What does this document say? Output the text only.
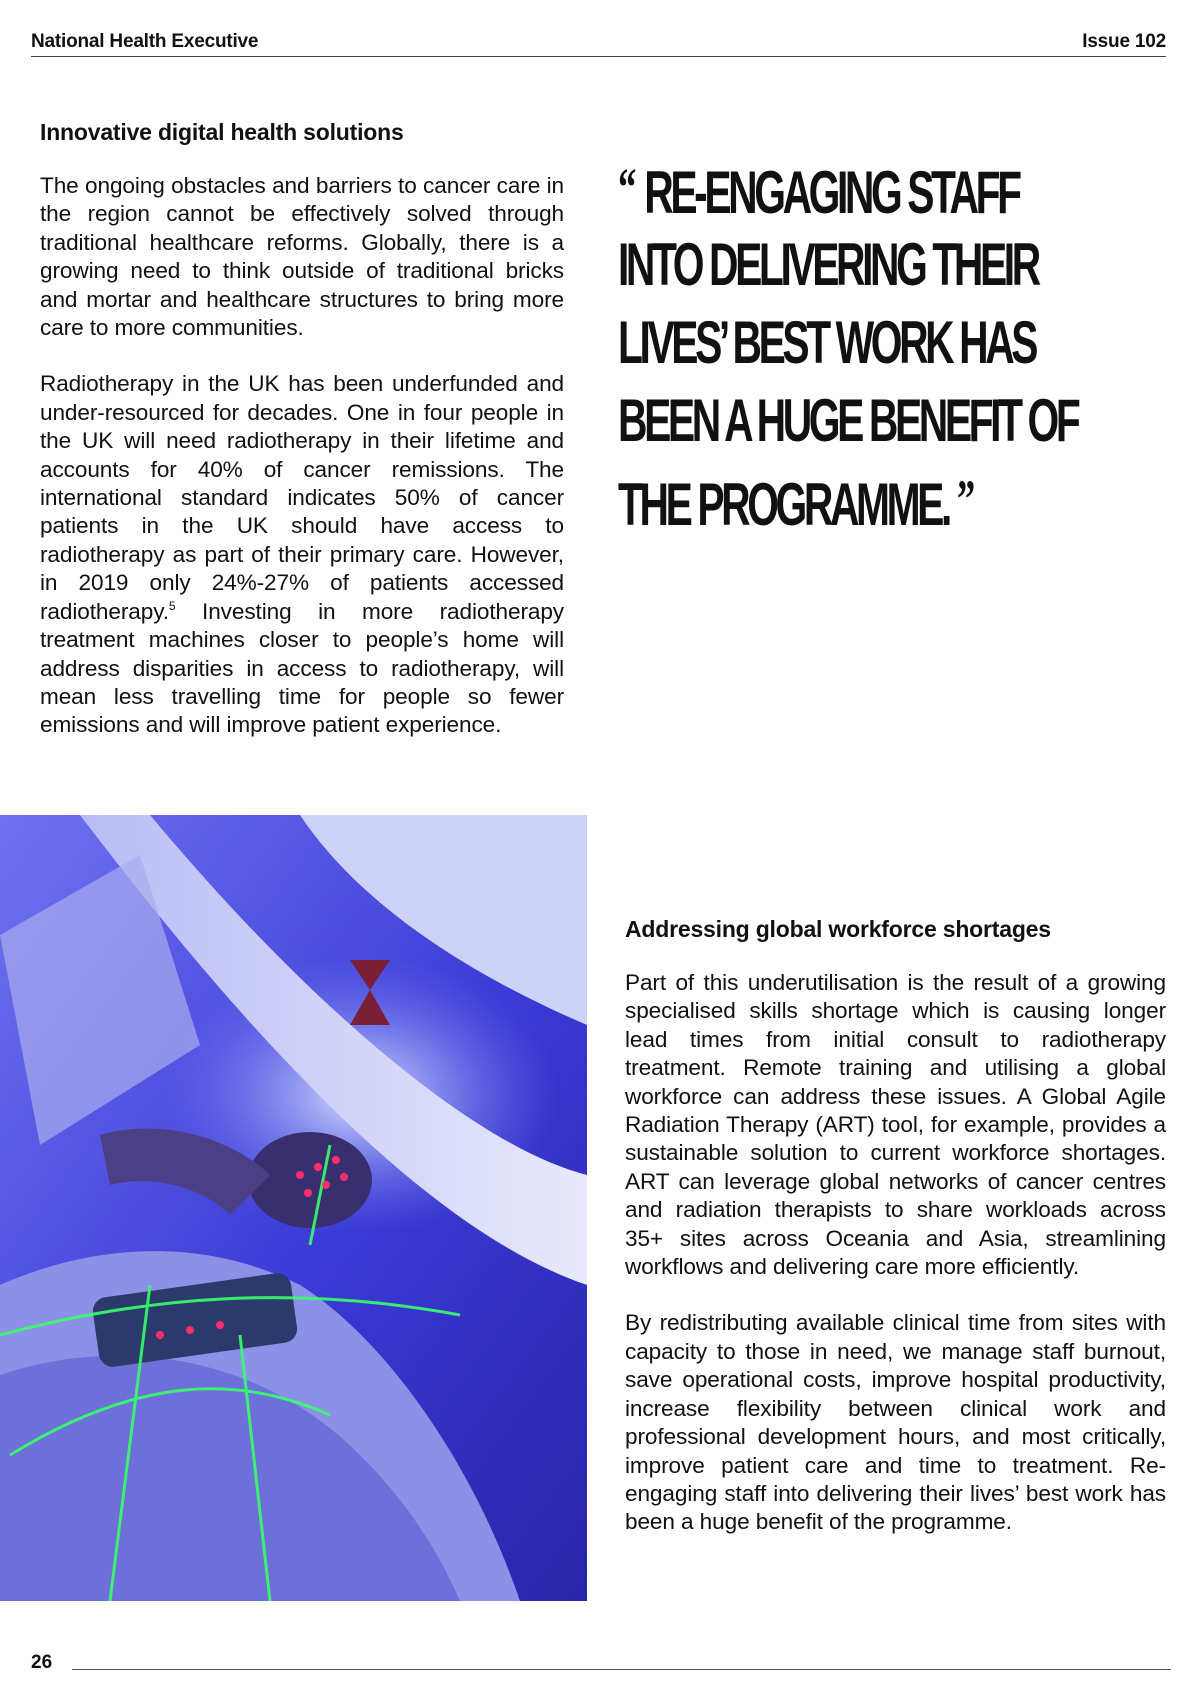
National Health Executive	Issue 102
Innovative digital health solutions

The ongoing obstacles and barriers to cancer care in the region cannot be effectively solved through traditional healthcare reforms. Globally, there is a growing need to think outside of traditional bricks and mortar and healthcare structures to bring more care to more communities.

Radiotherapy in the UK has been underfunded and under-resourced for decades. One in four people in the UK will need radiotherapy in their lifetime and accounts for 40% of cancer remissions. The international standard indicates 50% of cancer patients in the UK should have access to radiotherapy as part of their primary care. However, in 2019 only 24%-27% of patients accessed radiotherapy.$^5$ Investing in more radiotherapy treatment machines closer to people’s home will address disparities in access to radiotherapy, will mean less travelling time for people so fewer emissions and will improve patient experience.

“ RE-ENGAGING STAFF
INTO DELIVERING THEIR
LIVES’ BEST WORK HAS
BEEN A HUGE BENEFIT OF
THE PROGRAMME. ”
Addressing global workforce shortages

Part of this underutilisation is the result of a growing specialised skills shortage which is causing longer lead times from initial consult to radiotherapy treatment. Remote training and utilising a global workforce can address these issues. A Global Agile Radiation Therapy (ART) tool, for example, provides a sustainable solution to current workforce shortages. ART can leverage global networks of cancer centres and radiation therapists to share workloads across 35+ sites across Oceania and Asia, streamlining workflows and delivering care more efficiently.

By redistributing available clinical time from sites with capacity to those in need, we manage staff burnout, save operational costs, improve hospital productivity, increase flexibility between clinical work and professional development hours, and most critically, improve patient care and time to treatment. Re-engaging staff into delivering their lives’ best work has been a huge benefit of the programme.

26
